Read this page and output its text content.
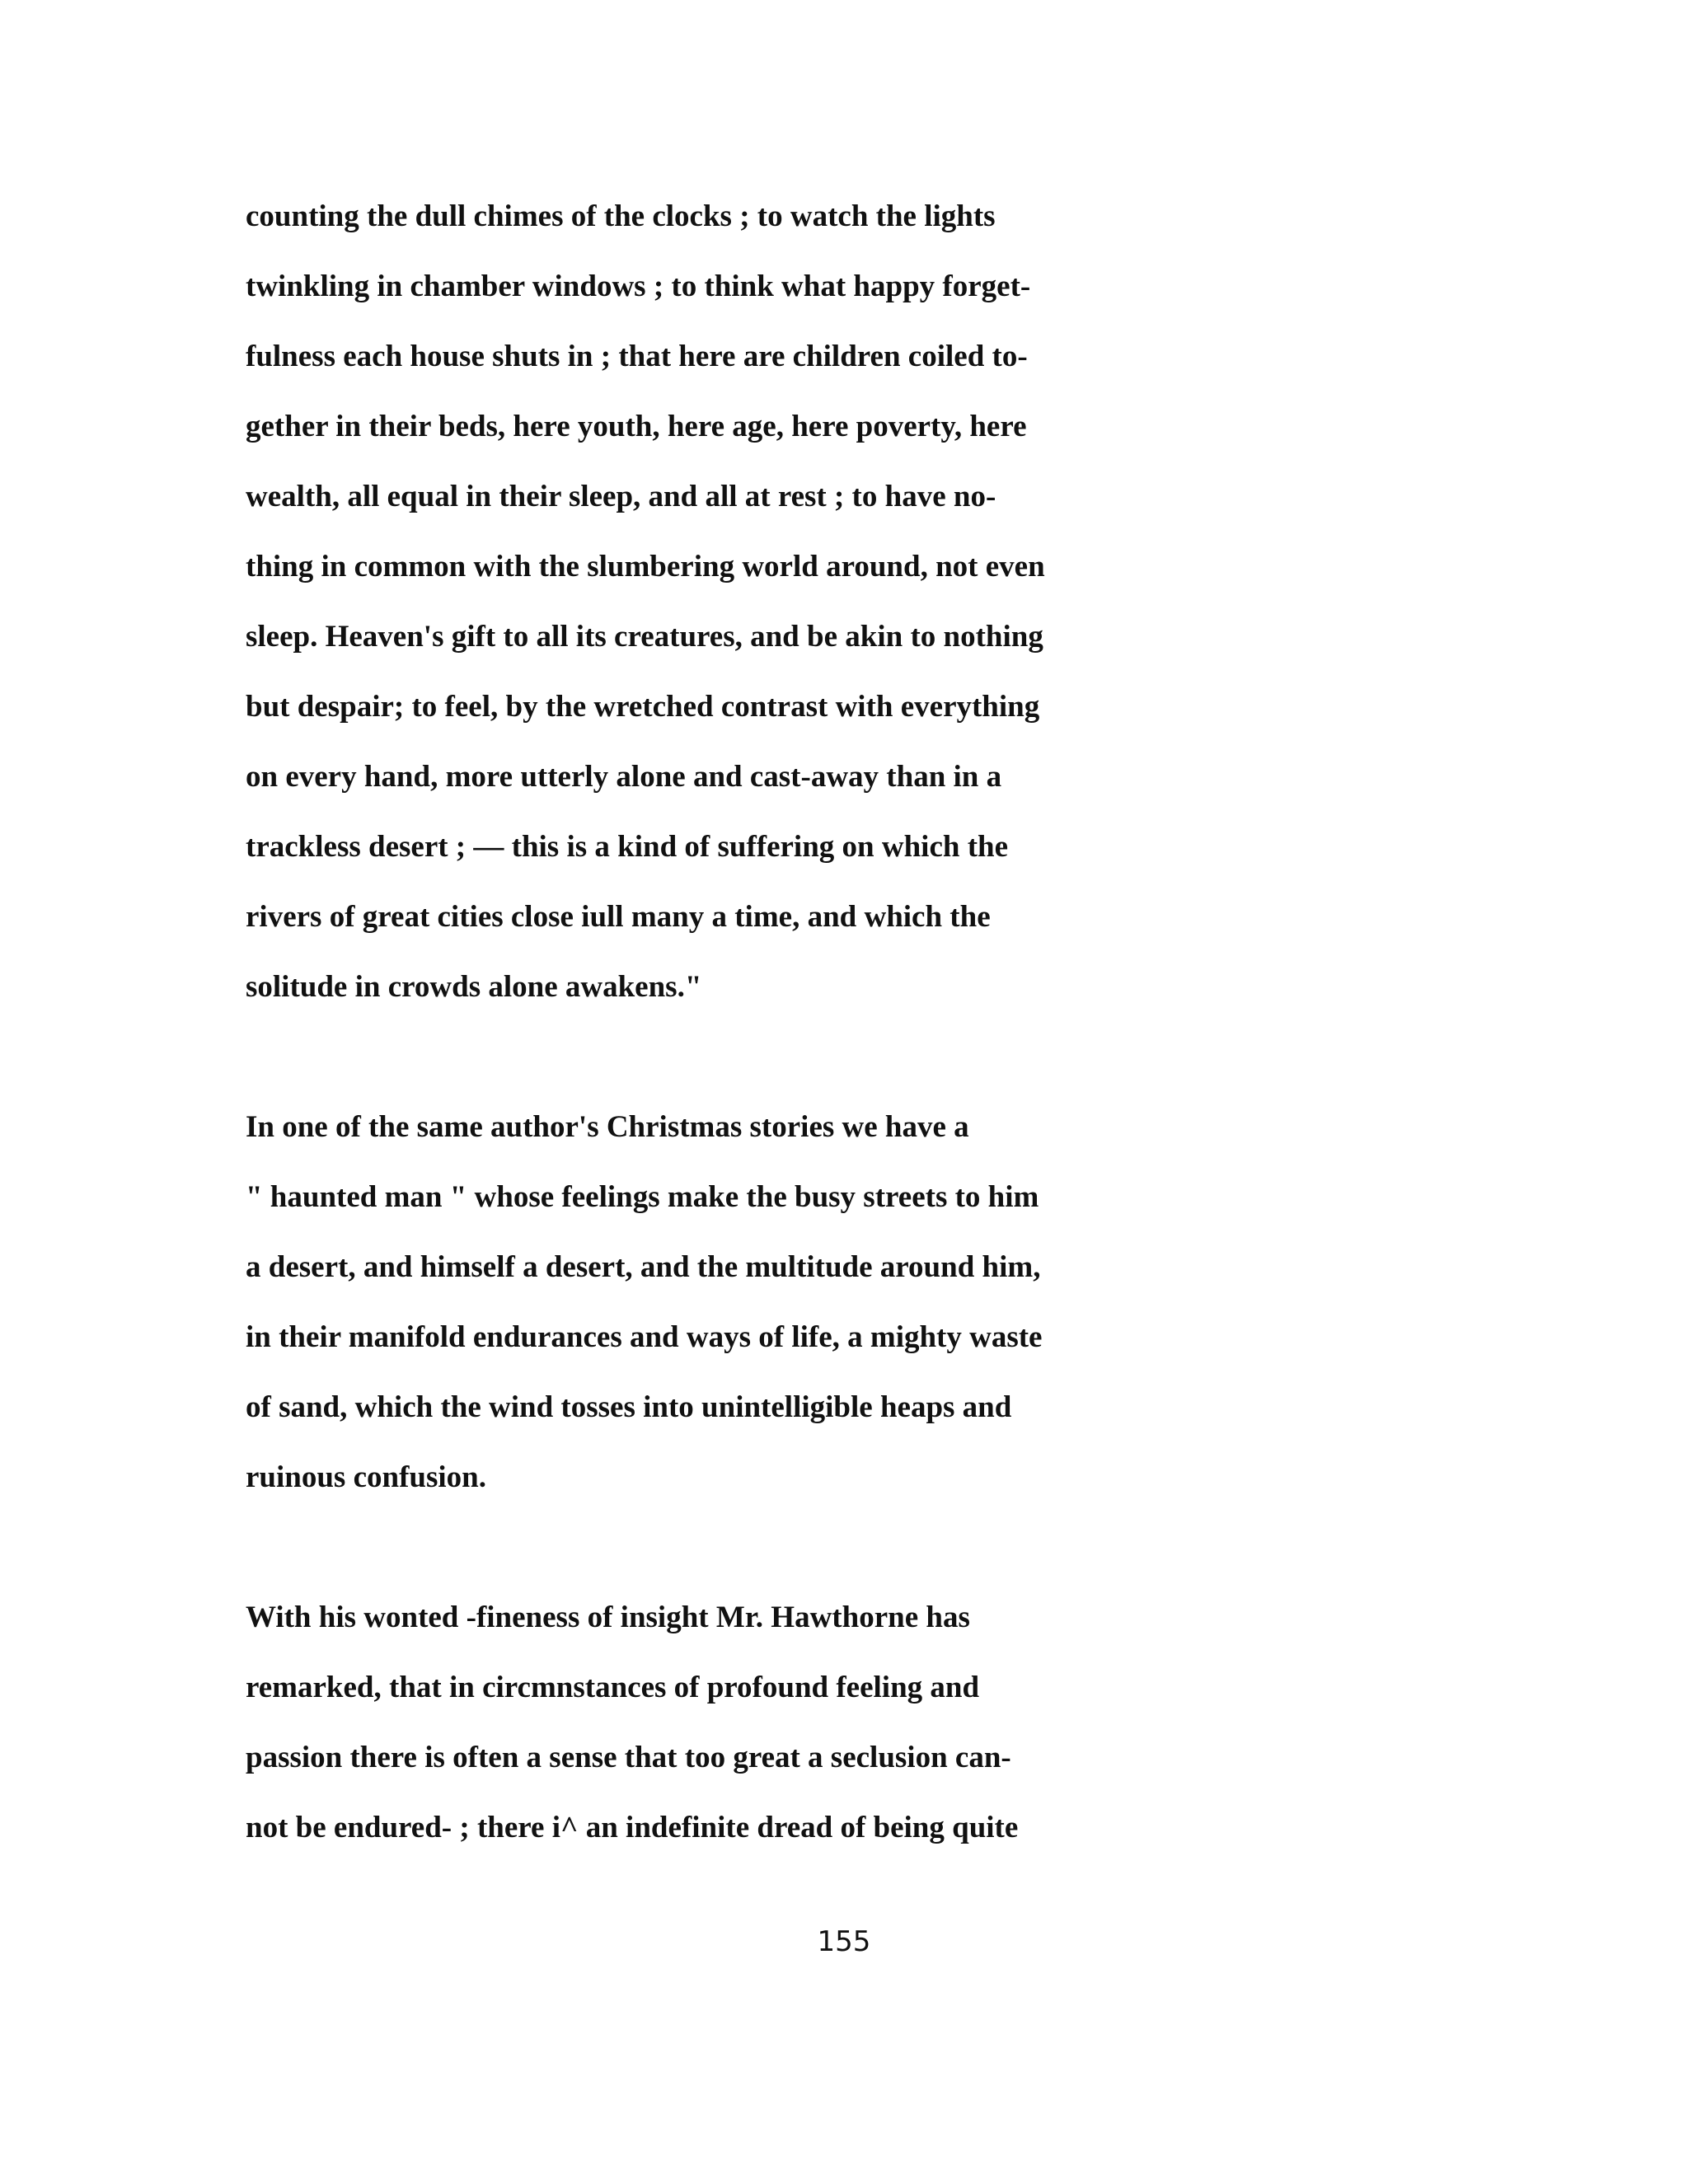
counting the dull chimes of the clocks ; to watch the lights
twinkling in chamber windows ; to think what happy forget-
fulness each house shuts in ; that here are children coiled to-
gether in their beds, here youth, here age, here poverty, here
wealth, all equal in their sleep, and all at rest ; to have no-
thing in common with the slumbering world around, not even
sleep. Heaven's gift to all its creatures, and be akin to nothing
but despair; to feel, by the wretched contrast with everything
on every hand, more utterly alone and cast-away than in a
trackless desert ; — this is a kind of suffering on which the
rivers of great cities close iull many a time, and which the
solitude in crowds alone awakens."
In one of the same author's Christmas stories we have a
" haunted man " whose feelings make the busy streets to him
a desert, and himself a desert, and the multitude around him,
in their manifold endurances and ways of life, a mighty waste
of sand, which the wind tosses into unintelligible heaps and
ruinous confusion.
With his wonted -fineness of insight Mr. Hawthorne has
remarked, that in circmnstances of profound feeling and
passion there is often a sense that too great a seclusion can-
not be endured- ; there i^ an indefinite dread of being quite
155
